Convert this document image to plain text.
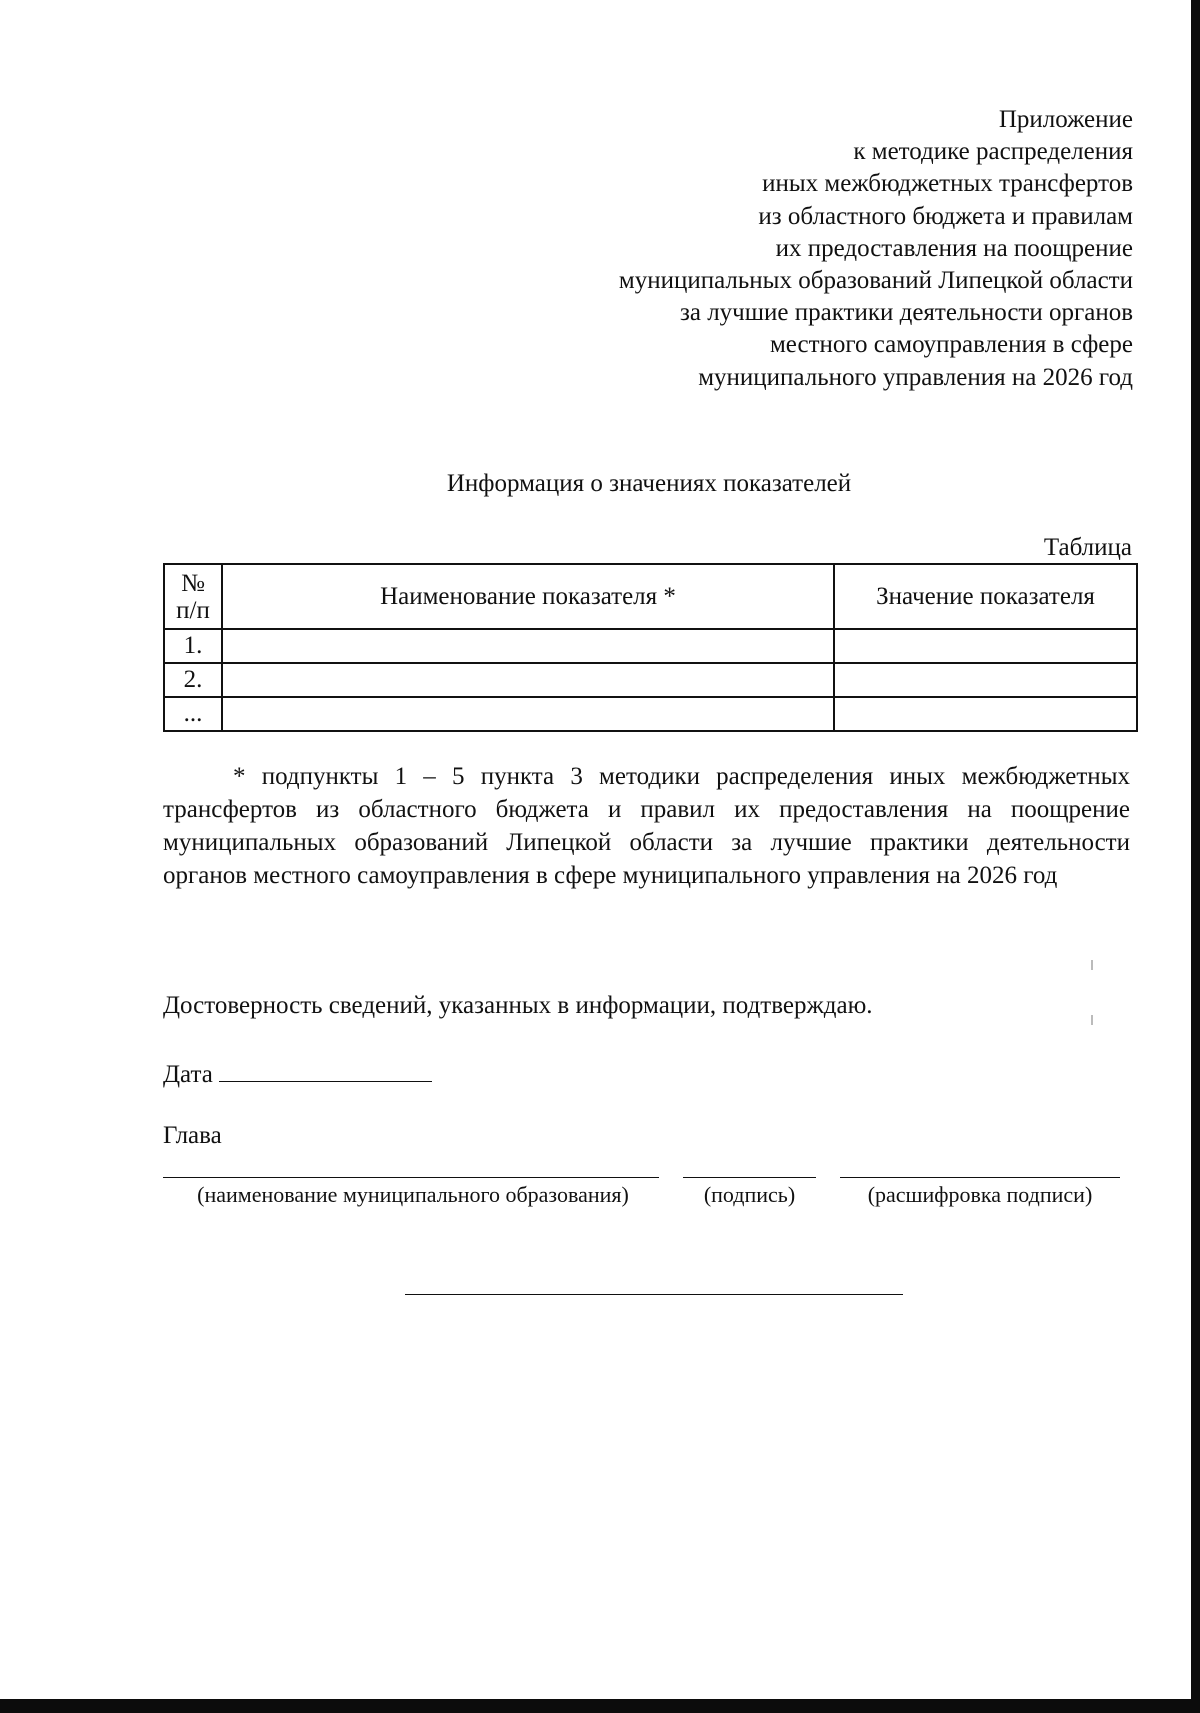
Приложение
к методике распределения
иных межбюджетных трансфертов
из областного бюджета и правилам
их предоставления на поощрение
муниципальных образований Липецкой области
за лучшие практики деятельности органов
местного самоуправления в сфере
муниципального управления на 2026 год
Информация о значениях показателей
Таблица
№ п/п	Наименование показателя *	Значение показателя
1.		
2.		
...		
* подпункты 1 – 5 пункта 3 методики распределения иных межбюджетных трансфертов из областного бюджета и правил их предоставления на поощрение муниципальных образований Липецкой области за лучшие практики деятельности органов местного самоуправления в сфере муниципального управления на 2026 год
Достоверность сведений, указанных в информации, подтверждаю.
Дата
Глава
(наименование муниципального образования)	(подпись)	(расшифровка подписи)
